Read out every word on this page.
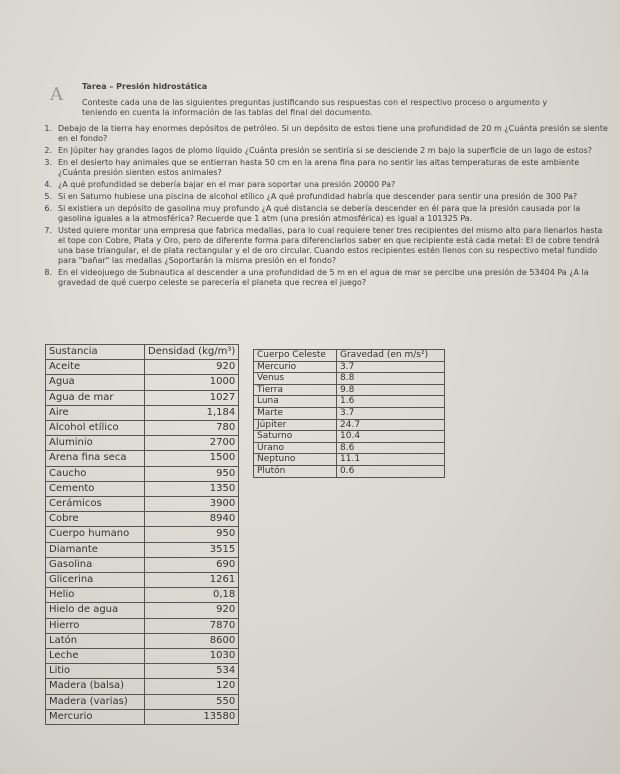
A Tarea – Presión hidrostática
Conteste cada una de las siguientes preguntas justificando sus respuestas con el respectivo proceso o argumento y teniendo en cuenta la información de las tablas del final del documento.
1. Debajo de la tierra hay enormes depósitos de petróleo. Si un depósito de estos tiene una profundidad de 20 m ¿Cuánta presión se siente en el fondo?
2. En Júpiter hay grandes lagos de plomo líquido ¿Cuánta presión se sentiría si se desciende 2 m bajo la superficie de un lago de estos?
3. En el desierto hay animales que se entierran hasta 50 cm en la arena fina para no sentir las altas temperaturas de este ambiente ¿Cuánta presión sienten estos animales?
4. ¿A qué profundidad se debería bajar en el mar para soportar una presión 20000 Pa?
5. Si en Saturno hubiese una piscina de alcohol etílico ¿A qué profundidad habría que descender para sentir una presión de 300 Pa?
6. Si existiera un depósito de gasolina muy profundo ¿A qué distancia se debería descender en él para que la presión causada por la gasolina iguales a la atmosférica? Recuerde que 1 atm (una presión atmosférica) es igual a 101325 Pa.
7. Usted quiere montar una empresa que fabrica medallas, para lo cual requiere tener tres recipientes del mismo alto para llenarlos hasta el tope con Cobre, Plata y Oro, pero de diferente forma para diferenciarlos saber en que recipiente está cada metal: El de cobre tendrá una base triangular, el de plata rectangular y el de oro circular. Cuando estos recipientes estén llenos con su respectivo metal fundido para "bañar" las medallas ¿Soportarán la misma presión en el fondo?
8. En el videojuego de Subnautica al descender a una profundidad de 5 m en el agua de mar se percibe una presión de 53404 Pa ¿A la gravedad de qué cuerpo celeste se parecería el planeta que recrea el juego?
Sustancia	Densidad (kg/m³)
Aceite	920
Agua	1000
Agua de mar	1027
Aire	1,184
Alcohol etílico	780
Aluminio	2700
Arena fina seca	1500
Caucho	950
Cemento	1350
Cerámicos	3900
Cobre	8940
Cuerpo humano	950
Diamante	3515
Gasolina	690
Glicerina	1261
Helio	0,18
Hielo de agua	920
Hierro	7870
Latón	8600
Leche	1030
Litio	534
Madera (balsa)	120
Madera (varias)	550
Mercurio	13580
Cuerpo Celeste	Gravedad (en m/s²)
Mercurio	3.7
Venus	8.8
Tierra	9.8
Luna	1.6
Marte	3.7
Júpiter	24.7
Saturno	10.4
Urano	8.6
Neptuno	11.1
Plutón	0.6
